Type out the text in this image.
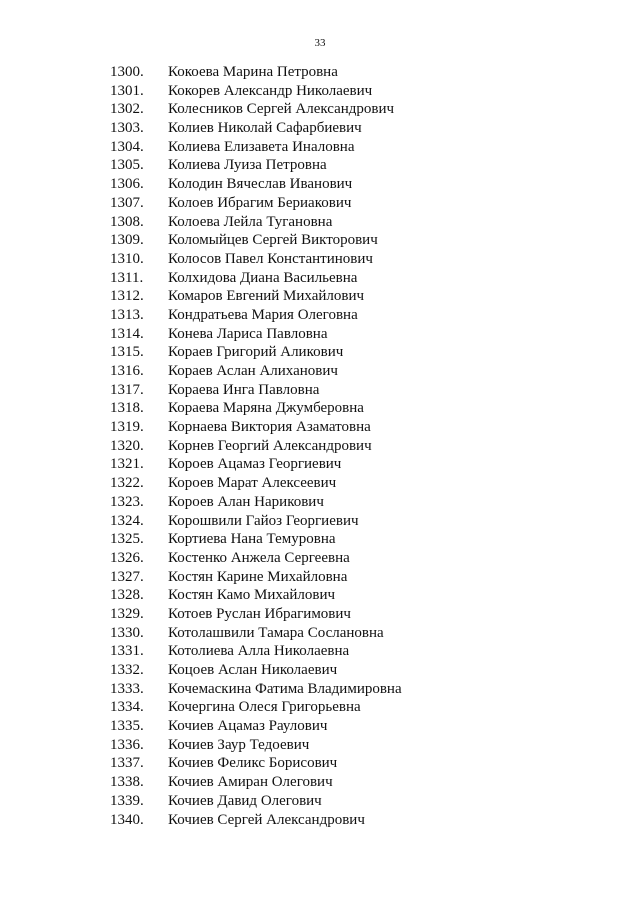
33
1300.	Кокоева Марина Петровна
1301.	Кокорев Александр Николаевич
1302.	Колесников Сергей Александрович
1303.	Колиев Николай Сафарбиевич
1304.	Колиева Елизавета Иналовна
1305.	Колиева Луиза Петровна
1306.	Колодин Вячеслав Иванович
1307.	Колоев Ибрагим Бериакович
1308.	Колоева Лейла Тугановна
1309.	Коломыйцев Сергей Викторович
1310.	Колосов Павел Константинович
1311.	Колхидова Диана Васильевна
1312.	Комаров Евгений Михайлович
1313.	Кондратьева Мария Олеговна
1314.	Конева Лариса Павловна
1315.	Кораев Григорий Аликович
1316.	Кораев Аслан Алиханович
1317.	Кораева Инга Павловна
1318.	Кораева Маряна Джумберовна
1319.	Корнаева Виктория Азаматовна
1320.	Корнев Георгий Александрович
1321.	Короев Ацамаз Георгиевич
1322.	Короев Марат Алексеевич
1323.	Короев Алан Нарикович
1324.	Корошвили Гайоз Георгиевич
1325.	Кортиева Нана Темуровна
1326.	Костенко Анжела Сергеевна
1327.	Костян Карине Михайловна
1328.	Костян Камо Михайлович
1329.	Котоев Руслан Ибрагимович
1330.	Котолашвили Тамара Сослановна
1331.	Котолиева Алла Николаевна
1332.	Коцоев Аслан Николаевич
1333.	Кочемаскина Фатима Владимировна
1334.	Кочергина Олеся Григорьевна
1335.	Кочиев Ацамаз Раулович
1336.	Кочиев Заур Тедоевич
1337.	Кочиев Феликс Борисович
1338.	Кочиев Амиран Олегович
1339.	Кочиев Давид Олегович
1340.	Кочиев Сергей Александрович
